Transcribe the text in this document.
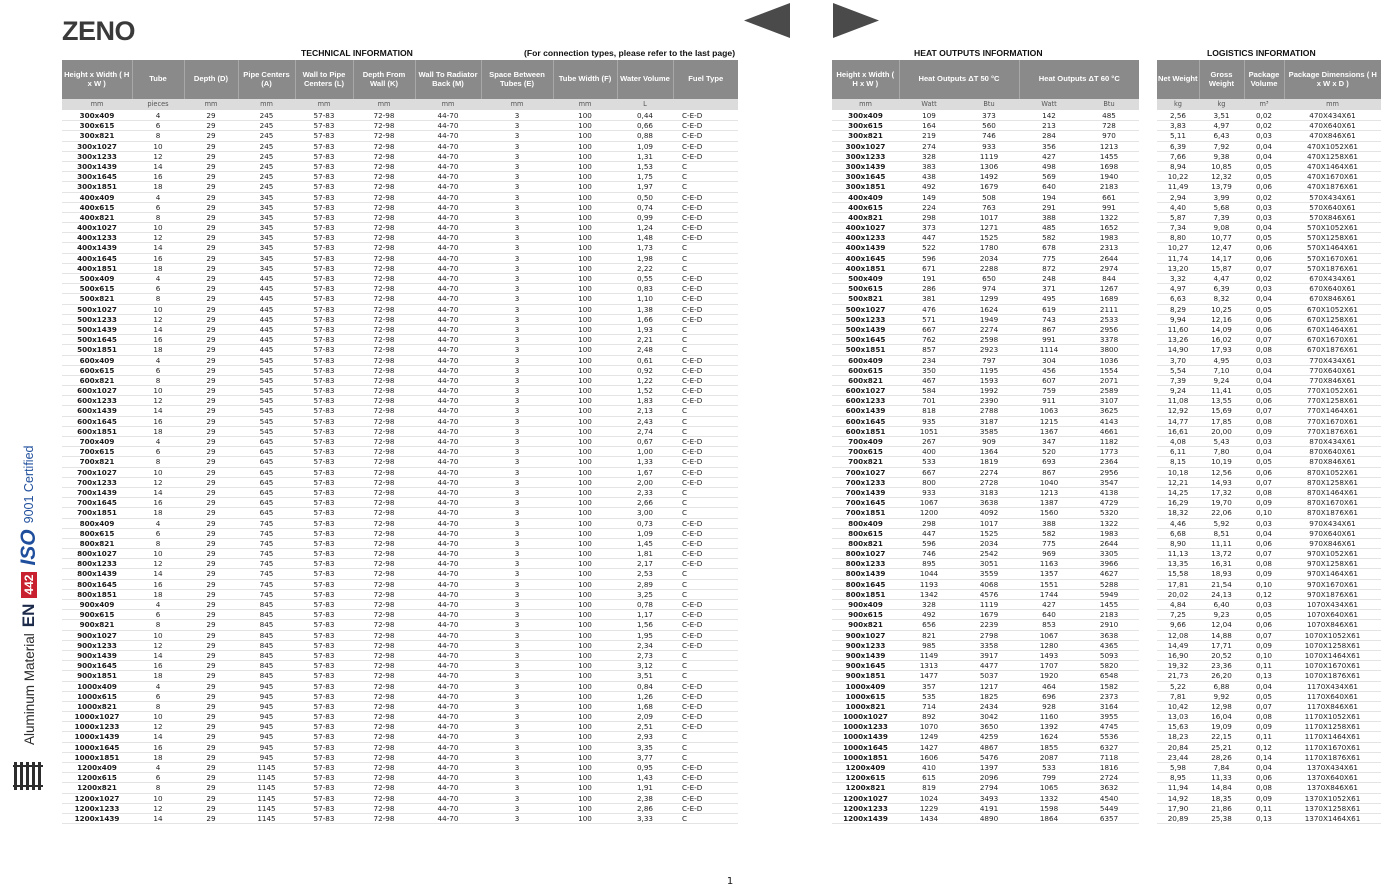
ZENO
Aluminum Material
EN
442
ISO
9001 Certified
TECHNICAL INFORMATION	(For connection types, please refer to the last page)	HEAT OUTPUTS INFORMATION	LOGISTICS INFORMATION
Height x Width ( H x W )	Tube	Depth (D)	Pipe Centers (A)	Wall to Pipe Centers (L)	Depth From Wall (K)	Wall To Radiator Back (M)	Space Between Tubes (E)	Tube Width (F)	Water Volume	Fuel Type
mm	pieces	mm	mm	mm	mm	mm	mm	mm	L	
300x409	4	29	245	57-83	72-98	44-70	3	100	0,44	C-E-D
300x615	6	29	245	57-83	72-98	44-70	3	100	0,66	C-E-D
300x821	8	29	245	57-83	72-98	44-70	3	100	0,88	C-E-D
300x1027	10	29	245	57-83	72-98	44-70	3	100	1,09	C-E-D
300x1233	12	29	245	57-83	72-98	44-70	3	100	1,31	C-E-D
300x1439	14	29	245	57-83	72-98	44-70	3	100	1,53	C
300x1645	16	29	245	57-83	72-98	44-70	3	100	1,75	C
300x1851	18	29	245	57-83	72-98	44-70	3	100	1,97	C
400x409	4	29	345	57-83	72-98	44-70	3	100	0,50	C-E-D
400x615	6	29	345	57-83	72-98	44-70	3	100	0,74	C-E-D
400x821	8	29	345	57-83	72-98	44-70	3	100	0,99	C-E-D
400x1027	10	29	345	57-83	72-98	44-70	3	100	1,24	C-E-D
400x1233	12	29	345	57-83	72-98	44-70	3	100	1,48	C-E-D
400x1439	14	29	345	57-83	72-98	44-70	3	100	1,73	C
400x1645	16	29	345	57-83	72-98	44-70	3	100	1,98	C
400x1851	18	29	345	57-83	72-98	44-70	3	100	2,22	C
500x409	4	29	445	57-83	72-98	44-70	3	100	0,55	C-E-D
500x615	6	29	445	57-83	72-98	44-70	3	100	0,83	C-E-D
500x821	8	29	445	57-83	72-98	44-70	3	100	1,10	C-E-D
500x1027	10	29	445	57-83	72-98	44-70	3	100	1,38	C-E-D
500x1233	12	29	445	57-83	72-98	44-70	3	100	1,66	C-E-D
500x1439	14	29	445	57-83	72-98	44-70	3	100	1,93	C
500x1645	16	29	445	57-83	72-98	44-70	3	100	2,21	C
500x1851	18	29	445	57-83	72-98	44-70	3	100	2,48	C
600x409	4	29	545	57-83	72-98	44-70	3	100	0,61	C-E-D
600x615	6	29	545	57-83	72-98	44-70	3	100	0,92	C-E-D
600x821	8	29	545	57-83	72-98	44-70	3	100	1,22	C-E-D
600x1027	10	29	545	57-83	72-98	44-70	3	100	1,52	C-E-D
600x1233	12	29	545	57-83	72-98	44-70	3	100	1,83	C-E-D
600x1439	14	29	545	57-83	72-98	44-70	3	100	2,13	C
600x1645	16	29	545	57-83	72-98	44-70	3	100	2,43	C
600x1851	18	29	545	57-83	72-98	44-70	3	100	2,74	C
700x409	4	29	645	57-83	72-98	44-70	3	100	0,67	C-E-D
700x615	6	29	645	57-83	72-98	44-70	3	100	1,00	C-E-D
700x821	8	29	645	57-83	72-98	44-70	3	100	1,33	C-E-D
700x1027	10	29	645	57-83	72-98	44-70	3	100	1,67	C-E-D
700x1233	12	29	645	57-83	72-98	44-70	3	100	2,00	C-E-D
700x1439	14	29	645	57-83	72-98	44-70	3	100	2,33	C
700x1645	16	29	645	57-83	72-98	44-70	3	100	2,66	C
700x1851	18	29	645	57-83	72-98	44-70	3	100	3,00	C
800x409	4	29	745	57-83	72-98	44-70	3	100	0,73	C-E-D
800x615	6	29	745	57-83	72-98	44-70	3	100	1,09	C-E-D
800x821	8	29	745	57-83	72-98	44-70	3	100	1,45	C-E-D
800x1027	10	29	745	57-83	72-98	44-70	3	100	1,81	C-E-D
800x1233	12	29	745	57-83	72-98	44-70	3	100	2,17	C-E-D
800x1439	14	29	745	57-83	72-98	44-70	3	100	2,53	C
800x1645	16	29	745	57-83	72-98	44-70	3	100	2,89	C
800x1851	18	29	745	57-83	72-98	44-70	3	100	3,25	C
900x409	4	29	845	57-83	72-98	44-70	3	100	0,78	C-E-D
900x615	6	29	845	57-83	72-98	44-70	3	100	1,17	C-E-D
900x821	8	29	845	57-83	72-98	44-70	3	100	1,56	C-E-D
900x1027	10	29	845	57-83	72-98	44-70	3	100	1,95	C-E-D
900x1233	12	29	845	57-83	72-98	44-70	3	100	2,34	C-E-D
900x1439	14	29	845	57-83	72-98	44-70	3	100	2,73	C
900x1645	16	29	845	57-83	72-98	44-70	3	100	3,12	C
900x1851	18	29	845	57-83	72-98	44-70	3	100	3,51	C
1000x409	4	29	945	57-83	72-98	44-70	3	100	0,84	C-E-D
1000x615	6	29	945	57-83	72-98	44-70	3	100	1,26	C-E-D
1000x821	8	29	945	57-83	72-98	44-70	3	100	1,68	C-E-D
1000x1027	10	29	945	57-83	72-98	44-70	3	100	2,09	C-E-D
1000x1233	12	29	945	57-83	72-98	44-70	3	100	2,51	C-E-D
1000x1439	14	29	945	57-83	72-98	44-70	3	100	2,93	C
1000x1645	16	29	945	57-83	72-98	44-70	3	100	3,35	C
1000x1851	18	29	945	57-83	72-98	44-70	3	100	3,77	C
1200x409	4	29	1145	57-83	72-98	44-70	3	100	0,95	C-E-D
1200x615	6	29	1145	57-83	72-98	44-70	3	100	1,43	C-E-D
1200x821	8	29	1145	57-83	72-98	44-70	3	100	1,91	C-E-D
1200x1027	10	29	1145	57-83	72-98	44-70	3	100	2,38	C-E-D
1200x1233	12	29	1145	57-83	72-98	44-70	3	100	2,86	C-E-D
1200x1439	14	29	1145	57-83	72-98	44-70	3	100	3,33	C
Height x Width ( H x W )	Heat Outputs ΔT 50 °C		Heat Outputs ΔT 60 °C	
mm	Watt	Btu	Watt	Btu
300x409	109	373	142	485
300x615	164	560	213	728
300x821	219	746	284	970
300x1027	274	933	356	1213
300x1233	328	1119	427	1455
300x1439	383	1306	498	1698
300x1645	438	1492	569	1940
300x1851	492	1679	640	2183
400x409	149	508	194	661
400x615	224	763	291	991
400x821	298	1017	388	1322
400x1027	373	1271	485	1652
400x1233	447	1525	582	1983
400x1439	522	1780	678	2313
400x1645	596	2034	775	2644
400x1851	671	2288	872	2974
500x409	191	650	248	844
500x615	286	974	371	1267
500x821	381	1299	495	1689
500x1027	476	1624	619	2111
500x1233	571	1949	743	2533
500x1439	667	2274	867	2956
500x1645	762	2598	991	3378
500x1851	857	2923	1114	3800
600x409	234	797	304	1036
600x615	350	1195	456	1554
600x821	467	1593	607	2071
600x1027	584	1992	759	2589
600x1233	701	2390	911	3107
600x1439	818	2788	1063	3625
600x1645	935	3187	1215	4143
600x1851	1051	3585	1367	4661
700x409	267	909	347	1182
700x615	400	1364	520	1773
700x821	533	1819	693	2364
700x1027	667	2274	867	2956
700x1233	800	2728	1040	3547
700x1439	933	3183	1213	4138
700x1645	1067	3638	1387	4729
700x1851	1200	4092	1560	5320
800x409	298	1017	388	1322
800x615	447	1525	582	1983
800x821	596	2034	775	2644
800x1027	746	2542	969	3305
800x1233	895	3051	1163	3966
800x1439	1044	3559	1357	4627
800x1645	1193	4068	1551	5288
800x1851	1342	4576	1744	5949
900x409	328	1119	427	1455
900x615	492	1679	640	2183
900x821	656	2239	853	2910
900x1027	821	2798	1067	3638
900x1233	985	3358	1280	4365
900x1439	1149	3917	1493	5093
900x1645	1313	4477	1707	5820
900x1851	1477	5037	1920	6548
1000x409	357	1217	464	1582
1000x615	535	1825	696	2373
1000x821	714	2434	928	3164
1000x1027	892	3042	1160	3955
1000x1233	1070	3650	1392	4745
1000x1439	1249	4259	1624	5536
1000x1645	1427	4867	1855	6327
1000x1851	1606	5476	2087	7118
1200x409	410	1397	533	1816
1200x615	615	2096	799	2724
1200x821	819	2794	1065	3632
1200x1027	1024	3493	1332	4540
1200x1233	1229	4191	1598	5449
1200x1439	1434	4890	1864	6357
Net Weight	Gross Weight	Package Volume	Package Dimensions ( H x W x D )
kg	kg	m³	mm
2,56	3,51	0,02	470X434X61
3,83	4,97	0,02	470X640X61
5,11	6,43	0,03	470X846X61
6,39	7,92	0,04	470X1052X61
7,66	9,38	0,04	470X1258X61
8,94	10,85	0,05	470X1464X61
10,22	12,32	0,05	470X1670X61
11,49	13,79	0,06	470X1876X61
2,94	3,99	0,02	570X434X61
4,40	5,68	0,03	570X640X61
5,87	7,39	0,03	570X846X61
7,34	9,08	0,04	570X1052X61
8,80	10,77	0,05	570X1258X61
10,27	12,47	0,06	570X1464X61
11,74	14,17	0,06	570X1670X61
13,20	15,87	0,07	570X1876X61
3,32	4,47	0,02	670X434X61
4,97	6,39	0,03	670X640X61
6,63	8,32	0,04	670X846X61
8,29	10,25	0,05	670X1052X61
9,94	12,16	0,06	670X1258X61
11,60	14,09	0,06	670X1464X61
13,26	16,02	0,07	670X1670X61
14,90	17,93	0,08	670X1876X61
3,70	4,95	0,03	770X434X61
5,54	7,10	0,04	770X640X61
7,39	9,24	0,04	770X846X61
9,24	11,41	0,05	770X1052X61
11,08	13,55	0,06	770X1258X61
12,92	15,69	0,07	770X1464X61
14,77	17,85	0,08	770X1670X61
16,61	20,00	0,09	770X1876X61
4,08	5,43	0,03	870X434X61
6,11	7,80	0,04	870X640X61
8,15	10,19	0,05	870X846X61
10,18	12,56	0,06	870X1052X61
12,21	14,93	0,07	870X1258X61
14,25	17,32	0,08	870X1464X61
16,29	19,70	0,09	870X1670X61
18,32	22,06	0,10	870X1876X61
4,46	5,92	0,03	970X434X61
6,68	8,51	0,04	970X640X61
8,90	11,11	0,06	970X846X61
11,13	13,72	0,07	970X1052X61
13,35	16,31	0,08	970X1258X61
15,58	18,93	0,09	970X1464X61
17,81	21,54	0,10	970X1670X61
20,02	24,13	0,12	970X1876X61
4,84	6,40	0,03	1070X434X61
7,25	9,23	0,05	1070X640X61
9,66	12,04	0,06	1070X846X61
12,08	14,88	0,07	1070X1052X61
14,49	17,71	0,09	1070X1258X61
16,90	20,52	0,10	1070X1464X61
19,32	23,36	0,11	1070X1670X61
21,73	26,20	0,13	1070X1876X61
5,22	6,88	0,04	1170X434X61
7,81	9,92	0,05	1170X640X61
10,42	12,98	0,07	1170X846X61
13,03	16,04	0,08	1170X1052X61
15,63	19,09	0,09	1170X1258X61
18,23	22,15	0,11	1170X1464X61
20,84	25,21	0,12	1170X1670X61
23,44	28,26	0,14	1170X1876X61
5,98	7,84	0,04	1370X434X61
8,95	11,33	0,06	1370X640X61
11,94	14,84	0,08	1370X846X61
14,92	18,35	0,09	1370X1052X61
17,90	21,86	0,11	1370X1258X61
20,89	25,38	0,13	1370X1464X61
1
